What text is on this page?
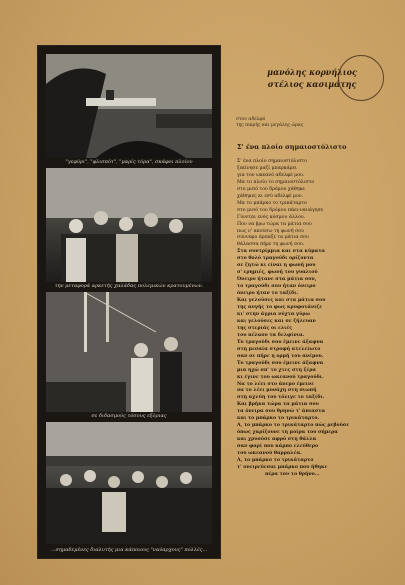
"γεφύρι", "φλισπότ", "μαρίς τόρα", σκάφοι πλοίου
την μεταφορά αρκετής χαλάδας πολεμικών κρατουμένων.
σε διδασμούς τόσους εξόριας
...σημαδεμένες διαλυτής μια κάποιους "ναύαρχους" πολλές...
μανόλης κορνήλιος
στέλιος κασιμάτης
στον αδελφό
της πικρής και μεγάλης ώρας
Σ' ένα πλοίο σημαιοστόλιστο
Σ' ένα πλοίο σημαιοστόλιστο
ξεκίνησε μαζί μπαρκάρει
για τον ωκεανό αδελφέ μου.
Μα το πλοίο το σημαιοστόλιστο
στο μισό του δρόμου χάθηκε
χάθηκες κι εσύ αδελφέ μου.
Μα το μπάρκο το τρικάταρτο
στο μισό του δρόμου πάει-ναυάγησε
Γύνεται ενός κόσμου άλλου.
Που να βρω τώρα τα μάτια σου
πως ν' ακούσω τη φωνή σου
σύννεφο άρπαξε τα μάτια σου
θάλασσα πήρε τη φωνή σου.
Στα συντρίμμια και στα κύματα
στο θολό τραγούδι ορίζοντα
σε ζητώ κι είναι η φωνή μου
σ' ερημιές, φωνή του γυαλιού
Όνειρο ήτανε στα μάτια σου,
το τραγούδι σου ήταν όνειρο
όνειρο ήταν το ταξίδι.
Και γελούσες και στα μάτια σου
της αυγής το φως κρυφοτάνιζε
κι' στην άγρια νύχτα γύρω
και γελούσες και σε ζήλευαν
της στεριάς οι ελιές
του πέλαου τα δελφίνια.
Το τραγούδι σου έμεινε άξαφνα
στη μεσαία στροφή ατελείωτο
σαν σε πήρε η ορμή του ανέμου.
Το τραγούδι σου έμεινε άξαφνα
μια ηχώ σπ' το χτες στη ξέρα
κι έγινε του ωκεανού τραγούδι.
Να το λέει στο άνεμο έμεινε
να το λέει μονάχη στη σιωπή
στη αχλύη του τόλιγε το ταξίδι.
Και βρήκα τώρα τα μάτια σου
τα όνειρα σου θρηνώ τ' άπιαστα
και το μπάρκο το τρικάταρτο.
Α, το μπάρκο το τρικάταρτο πώς ρεβούσε
όπως χαρίζουνε τη μοίρα του σήμερα
και χρυσόσε αφρό στη θάλλα
σαν φαρί που κάρπο ελεύθερο
του ωκεανού θαρραλέα.
Α, το μπάρκο το τρικάταρτο
τ' ονειρεύεσαι μπάρκο που ήθηκε
πέρα του το θρήνο...
